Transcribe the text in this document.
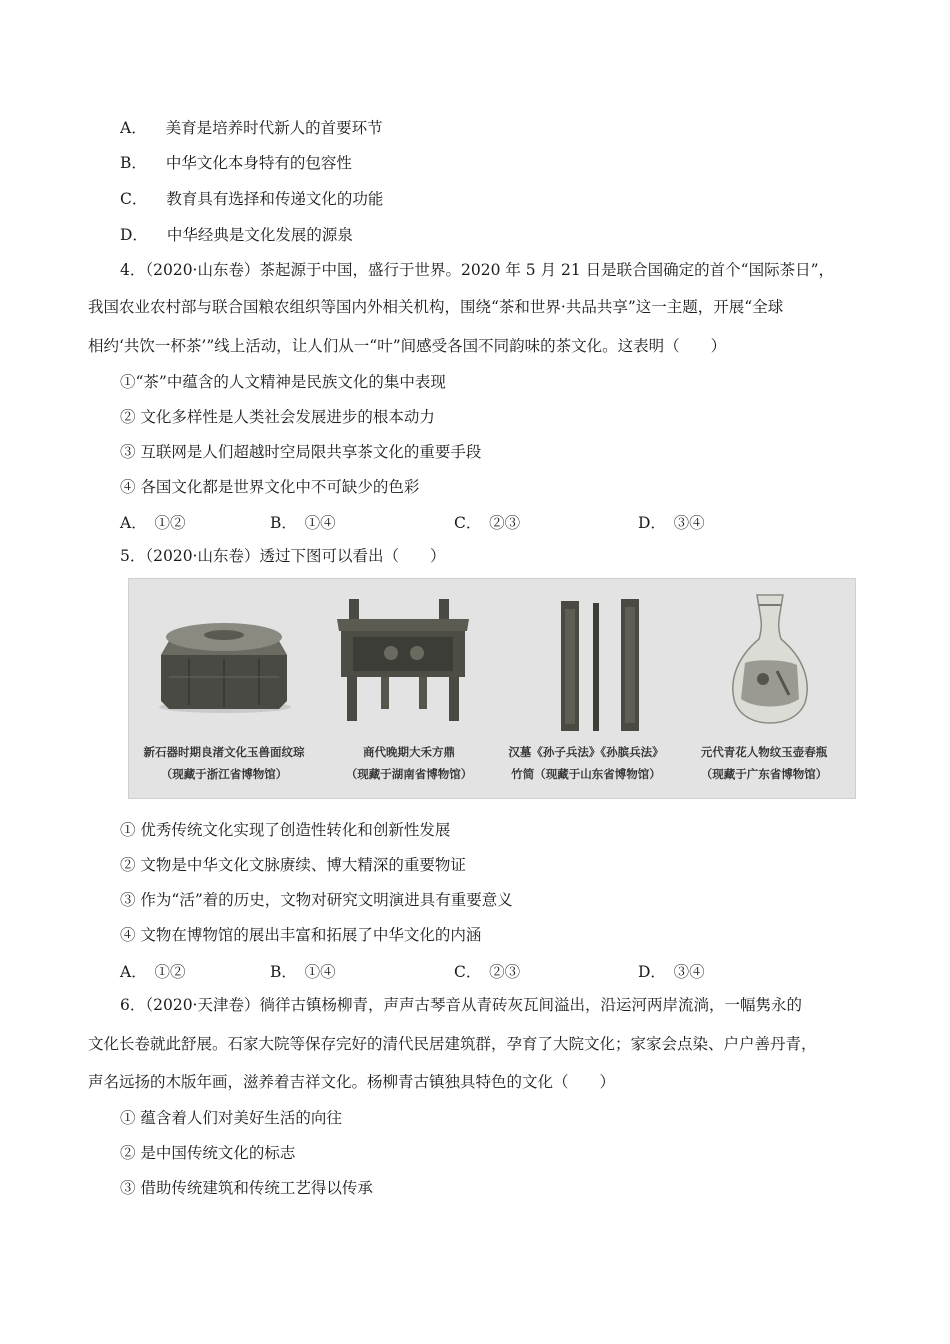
A． 美育是培养时代新人的首要环节
B． 中华文化本身特有的包容性
C． 教育具有选择和传递文化的功能
D． 中华经典是文化发展的源泉
4．（2020·山东卷）茶起源于中国，盛行于世界。2020 年 5 月 21 日是联合国确定的首个“国际茶日”，
我国农业农村部与联合国粮农组织等国内外相关机构，围绕“茶和世界·共品共享”这一主题，开展“全球
相约‘共饮一杯茶’”线上活动，让人们从一“叶”间感受各国不同韵味的茶文化。这表明（　　）
①“茶”中蕴含的人文精神是民族文化的集中表现
② 文化多样性是人类社会发展进步的根本动力
③ 互联网是人们超越时空局限共享茶文化的重要手段
④ 各国文化都是世界文化中不可缺少的色彩
A．　①②	B．　①④	C．　②③	D．　③④
5．（2020·山东卷）透过下图可以看出（　　）
新石器时期良渚文化玉兽面纹琮
（现藏于浙江省博物馆）
商代晚期大禾方鼎
（现藏于湖南省博物馆）
汉墓《孙子兵法》《孙膑兵法》
竹简（现藏于山东省博物馆）
元代青花人物纹玉壶春瓶
（现藏于广东省博物馆）
① 优秀传统文化实现了创造性转化和创新性发展
② 文物是中华文化文脉赓续、博大精深的重要物证
③ 作为“活”着的历史，文物对研究文明演进具有重要意义
④ 文物在博物馆的展出丰富和拓展了中华文化的内涵
A．　①②	B．　①④	C．　②③	D．　③④
6．（2020·天津卷）徜徉古镇杨柳青，声声古琴音从青砖灰瓦间溢出，沿运河两岸流淌，一幅隽永的
文化长卷就此舒展。石家大院等保存完好的清代民居建筑群，孕育了大院文化；家家会点染、户户善丹青，
声名远扬的木版年画，滋养着吉祥文化。杨柳青古镇独具特色的文化（　　）
① 蕴含着人们对美好生活的向往
② 是中国传统文化的标志
③ 借助传统建筑和传统工艺得以传承
